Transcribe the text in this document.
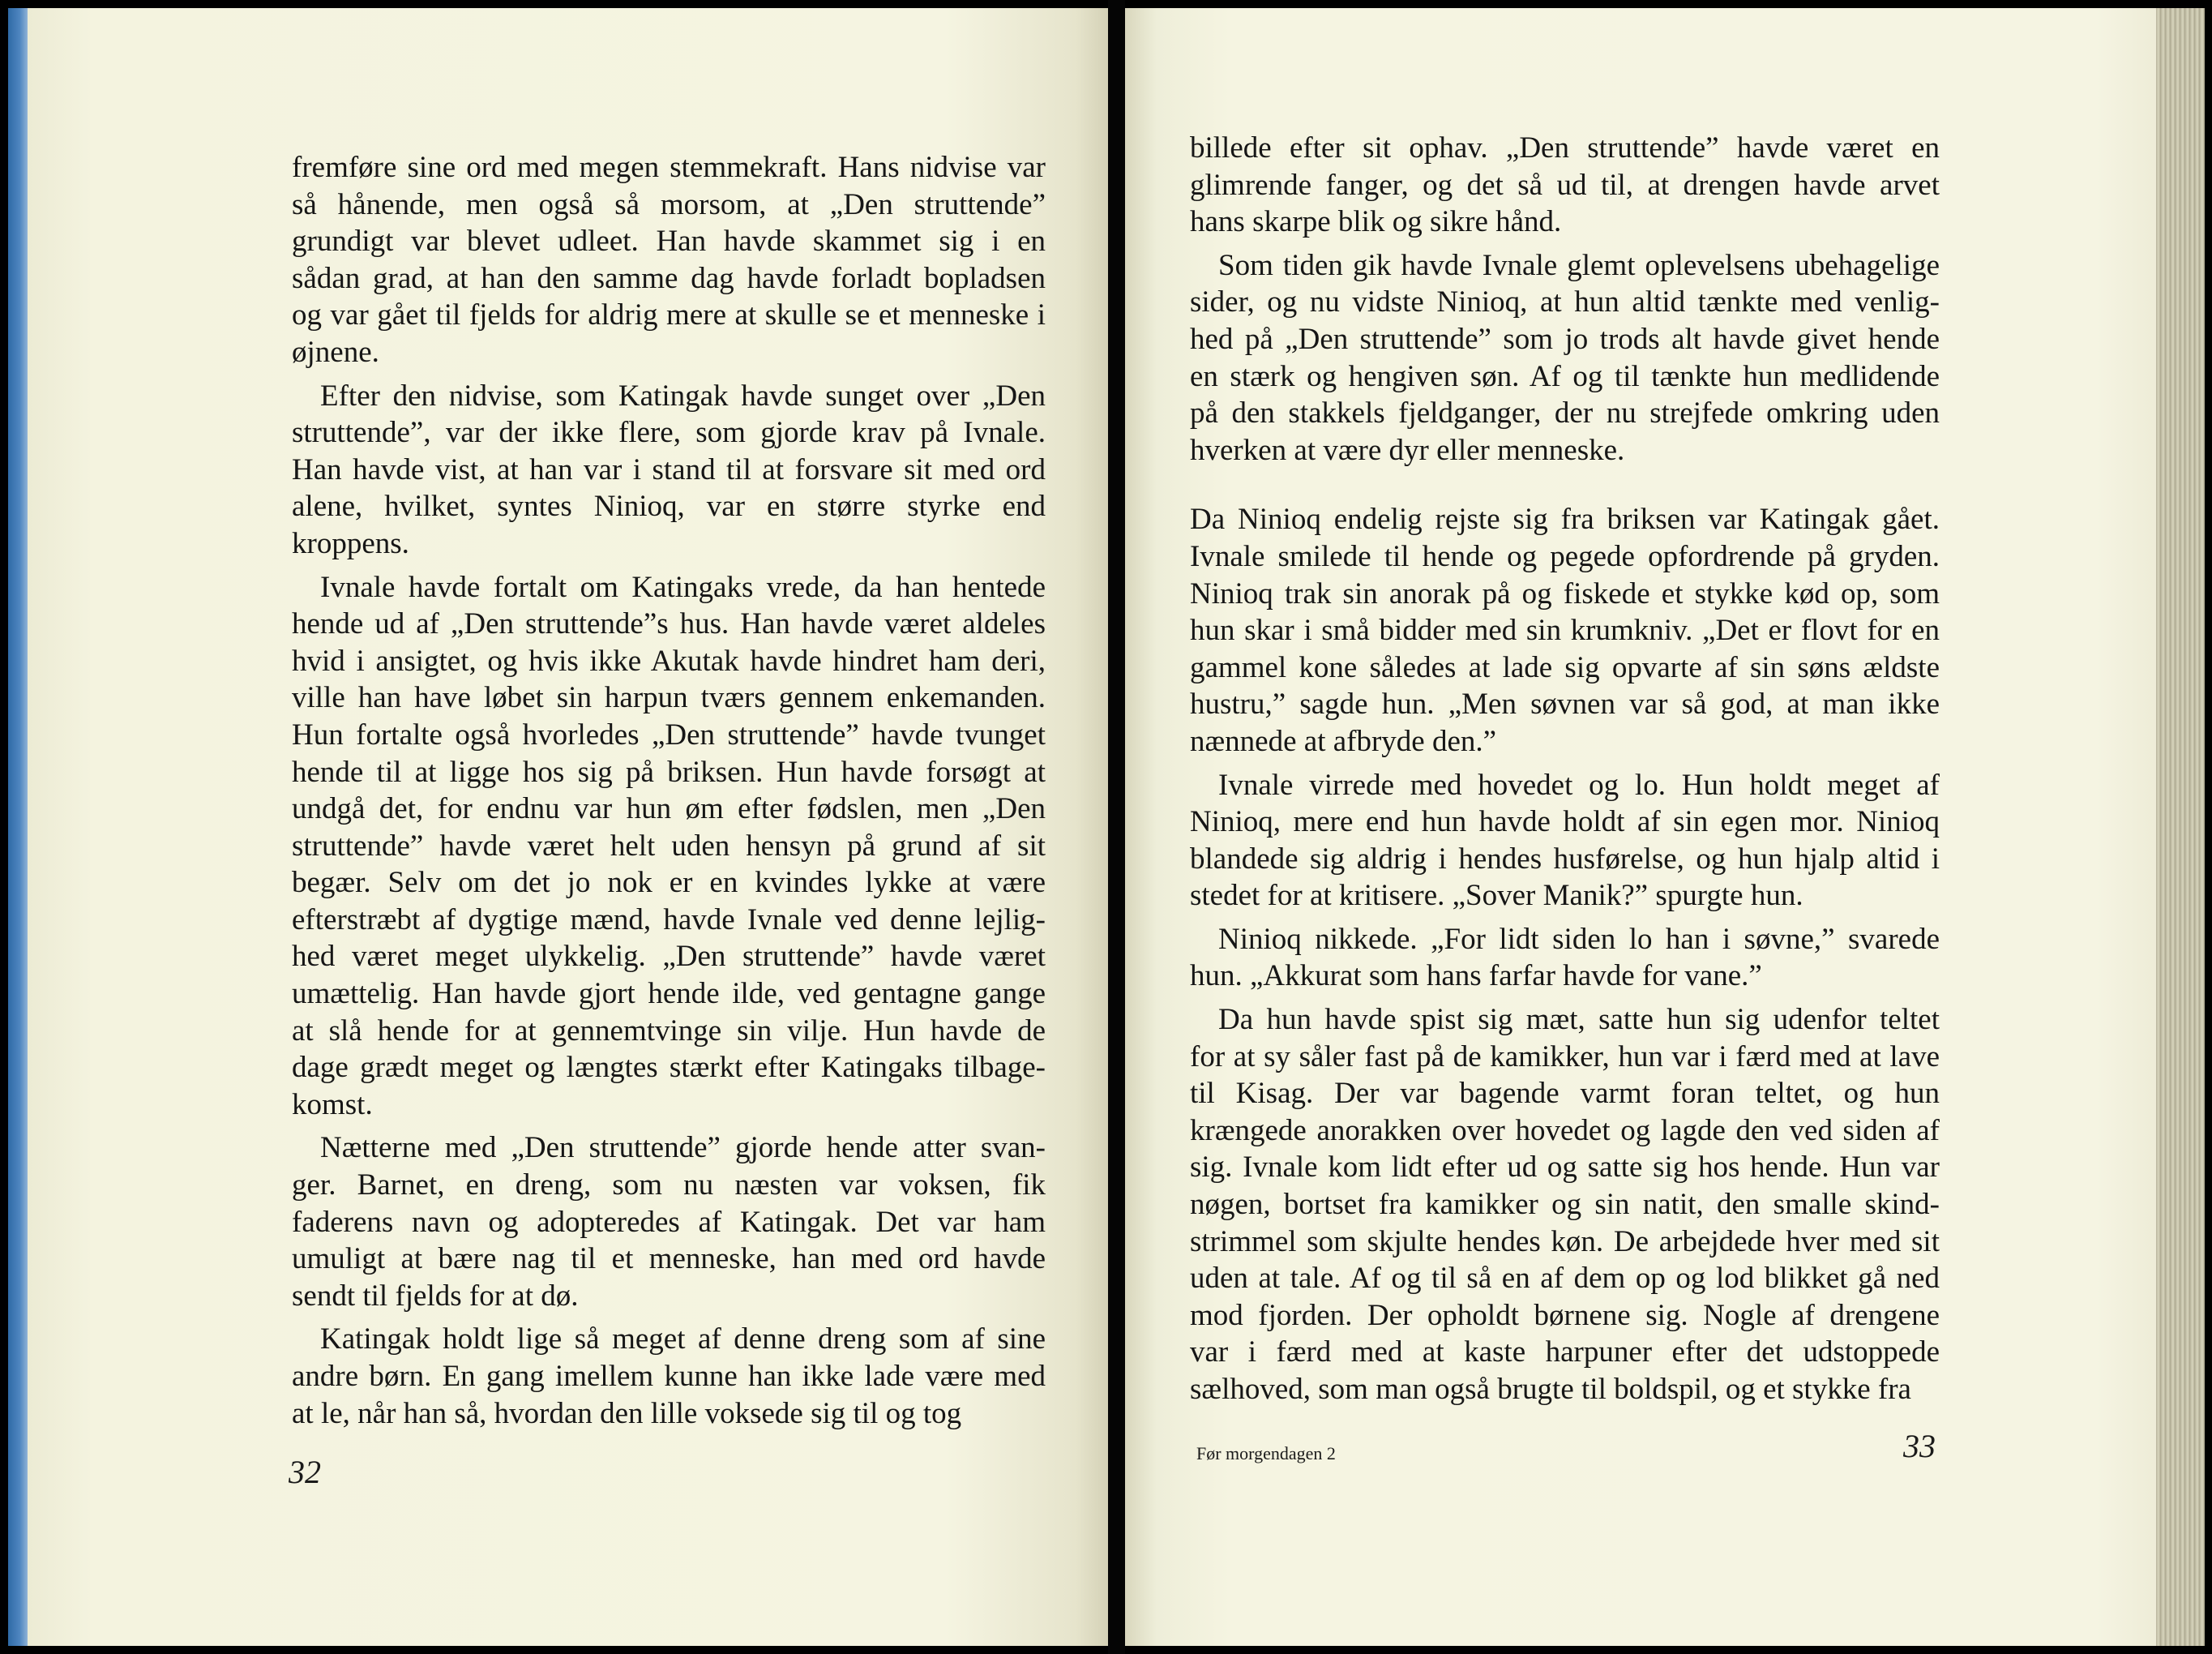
fremføre sine ord med megen stemmekraft. Hans nidvise var

så hånende, men også så morsom, at „Den struttende”

grundigt var blevet udleet. Han havde skammet sig i en

sådan grad, at han den samme dag havde forladt bopladsen

og var gået til fjelds for aldrig mere at skulle se et menneske i

øjnene.

Efter den nidvise, som Katingak havde sunget over „Den

struttende”, var der ikke flere, som gjorde krav på Ivnale.

Han havde vist, at han var i stand til at forsvare sit med ord

alene, hvilket, syntes Ninioq, var en større styrke end

kroppens.

Ivnale havde fortalt om Katingaks vrede, da han hentede

hende ud af „Den struttende”s hus. Han havde været aldeles

hvid i ansigtet, og hvis ikke Akutak havde hindret ham deri,

ville han have løbet sin harpun tværs gennem enkemanden.

Hun fortalte også hvorledes „Den struttende” havde tvunget

hende til at ligge hos sig på briksen. Hun havde forsøgt at

undgå det, for endnu var hun øm efter fødslen, men „Den

struttende” havde været helt uden hensyn på grund af sit

begær. Selv om det jo nok er en kvindes lykke at være

efterstræbt af dygtige mænd, havde Ivnale ved denne lejlig-

hed været meget ulykkelig. „Den struttende” havde været

umættelig. Han havde gjort hende ilde, ved gentagne gange

at slå hende for at gennemtvinge sin vilje. Hun havde de

dage grædt meget og længtes stærkt efter Katingaks tilbage-

komst.

Nætterne med „Den struttende” gjorde hende atter svan-

ger. Barnet, en dreng, som nu næsten var voksen, fik

faderens navn og adopteredes af Katingak. Det var ham

umuligt at bære nag til et menneske, han med ord havde

sendt til fjelds for at dø.

Katingak holdt lige så meget af denne dreng som af sine

andre børn. En gang imellem kunne han ikke lade være med

at le, når han så, hvordan den lille voksede sig til og tog

32

billede efter sit ophav. „Den struttende” havde været en

glimrende fanger, og det så ud til, at drengen havde arvet

hans skarpe blik og sikre hånd.

Som tiden gik havde Ivnale glemt oplevelsens ubehagelige

sider, og nu vidste Ninioq, at hun altid tænkte med venlig-

hed på „Den struttende” som jo trods alt havde givet hende

en stærk og hengiven søn. Af og til tænkte hun medlidende

på den stakkels fjeldganger, der nu strejfede omkring uden

hverken at være dyr eller menneske.

Da Ninioq endelig rejste sig fra briksen var Katingak gået.

Ivnale smilede til hende og pegede opfordrende på gryden.

Ninioq trak sin anorak på og fiskede et stykke kød op, som

hun skar i små bidder med sin krumkniv. „Det er flovt for en

gammel kone således at lade sig opvarte af sin søns ældste

hustru,” sagde hun. „Men søvnen var så god, at man ikke

nænnede at afbryde den.”

Ivnale virrede med hovedet og lo. Hun holdt meget af

Ninioq, mere end hun havde holdt af sin egen mor. Ninioq

blandede sig aldrig i hendes husførelse, og hun hjalp altid i

stedet for at kritisere. „Sover Manik?” spurgte hun.

Ninioq nikkede. „For lidt siden lo han i søvne,” svarede

hun. „Akkurat som hans farfar havde for vane.”

Da hun havde spist sig mæt, satte hun sig udenfor teltet

for at sy såler fast på de kamikker, hun var i færd med at lave

til Kisag. Der var bagende varmt foran teltet, og hun

krængede anorakken over hovedet og lagde den ved siden af

sig. Ivnale kom lidt efter ud og satte sig hos hende. Hun var

nøgen, bortset fra kamikker og sin natit, den smalle skind-

strimmel som skjulte hendes køn. De arbejdede hver med sit

uden at tale. Af og til så en af dem op og lod blikket gå ned

mod fjorden. Der opholdt børnene sig. Nogle af drengene

var i færd med at kaste harpuner efter det udstoppede

sælhoved, som man også brugte til boldspil, og et stykke fra

Før morgendagen 2	33
